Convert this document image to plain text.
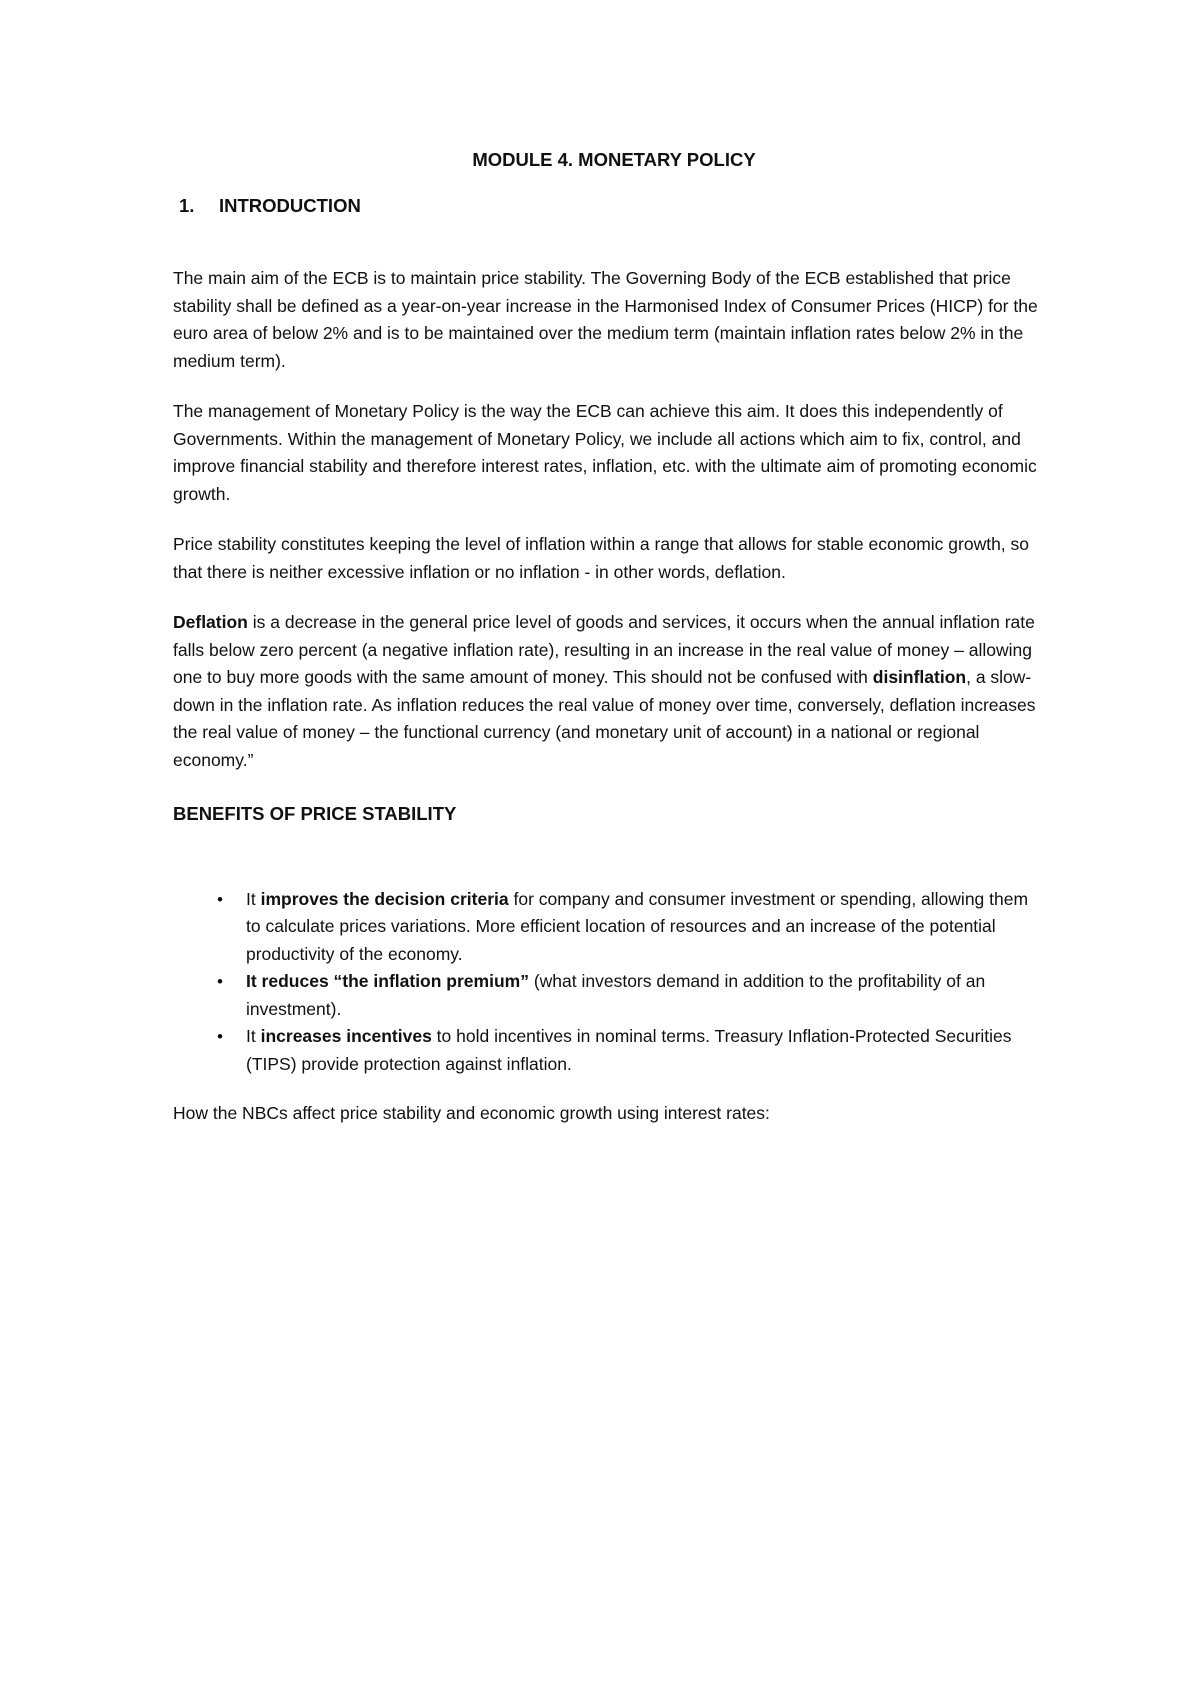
MODULE 4. MONETARY POLICY
1.	INTRODUCTION

The main aim of the ECB is to maintain price stability. The Governing Body of the ECB established that price stability shall be defined as a year-on-year increase in the Harmonised Index of Consumer Prices (HICP) for the euro area of below 2% and is to be maintained over the medium term (maintain inflation rates below 2% in the medium term).

The management of Monetary Policy is the way the ECB can achieve this aim. It does this independently of Governments. Within the management of Monetary Policy, we include all actions which aim to fix, control, and improve financial stability and therefore interest rates, inflation, etc. with the ultimate aim of promoting economic growth.

Price stability constitutes keeping the level of inflation within a range that allows for stable economic growth, so that there is neither excessive inflation or no inflation - in other words, deflation.

Deflation is a decrease in the general price level of goods and services, it occurs when the annual inflation rate falls below zero percent (a negative inflation rate), resulting in an increase in the real value of money – allowing one to buy more goods with the same amount of money. This should not be confused with disinflation, a slow- down in the inflation rate. As inflation reduces the real value of money over time, conversely, deflation increases the real value of money – the functional currency (and monetary unit of account) in a national or regional economy.”

BENEFITS OF PRICE STABILITY
• It improves the decision criteria for company and consumer investment or spending, allowing them to calculate prices variations. More efficient location of resources and an increase of the potential productivity of the economy.
• It reduces “the inflation premium” (what investors demand in addition to the profitability of an investment).
• It increases incentives to hold incentives in nominal terms. Treasury Inflation-Protected Securities (TIPS) provide protection against inflation.

How the NBCs affect price stability and economic growth using interest rates:
